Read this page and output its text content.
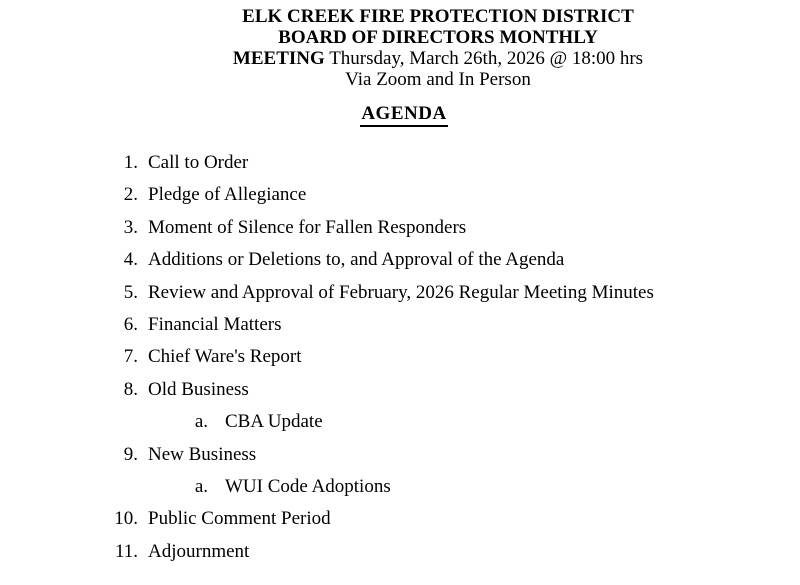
ELK CREEK FIRE PROTECTION DISTRICT
BOARD OF DIRECTORS MONTHLY
MEETING Thursday, March 26th, 2026 @ 18:00 hrs
Via Zoom and In Person
AGENDA
1. Call to Order
2. Pledge of Allegiance
3. Moment of Silence for Fallen Responders
4. Additions or Deletions to, and Approval of the Agenda
5. Review and Approval of February, 2026 Regular Meeting Minutes
6. Financial Matters
7. Chief Ware's Report
8. Old Business
a. CBA Update
9. New Business
a. WUI Code Adoptions
10. Public Comment Period
11. Adjournment
